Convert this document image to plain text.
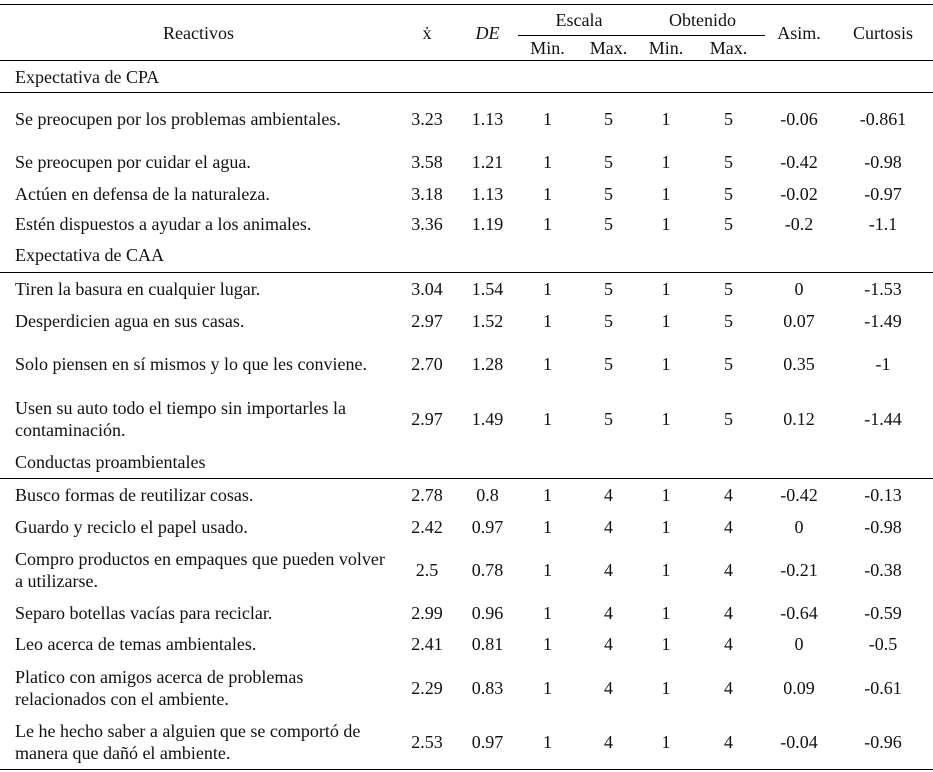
Reactivos	ẋ	DE	Escala		Obtenido		Asim.	Curtosis
			Min.	Max.	Min.	Max.		
Expectativa de CPA								
Se preocupen por los problemas ambientales.	3.23	1.13	1	5	1	5	-0.06	-0.861
Se preocupen por cuidar el agua.	3.58	1.21	1	5	1	5	-0.42	-0.98
Actúen en defensa de la naturaleza.	3.18	1.13	1	5	1	5	-0.02	-0.97
Estén dispuestos a ayudar a los animales.	3.36	1.19	1	5	1	5	-0.2	-1.1
Expectativa de CAA								
Tiren la basura en cualquier lugar.	3.04	1.54	1	5	1	5	0	-1.53
Desperdicien agua en sus casas.	2.97	1.52	1	5	1	5	0.07	-1.49
Solo piensen en sí mismos y lo que les conviene.	2.70	1.28	1	5	1	5	0.35	-1
Usen su auto todo el tiempo sin importarles la contaminación.	2.97	1.49	1	5	1	5	0.12	-1.44
Conductas proambientales								
Busco formas de reutilizar cosas.	2.78	0.8	1	4	1	4	-0.42	-0.13
Guardo y reciclo el papel usado.	2.42	0.97	1	4	1	4	0	-0.98
Compro productos en empaques que pueden volver a utilizarse.	2.5	0.78	1	4	1	4	-0.21	-0.38
Separo botellas vacías para reciclar.	2.99	0.96	1	4	1	4	-0.64	-0.59
Leo acerca de temas ambientales.	2.41	0.81	1	4	1	4	0	-0.5
Platico con amigos acerca de problemas relacionados con el ambiente.	2.29	0.83	1	4	1	4	0.09	-0.61
Le he hecho saber a alguien que se comportó de manera que dañó el ambiente.	2.53	0.97	1	4	1	4	-0.04	-0.96
